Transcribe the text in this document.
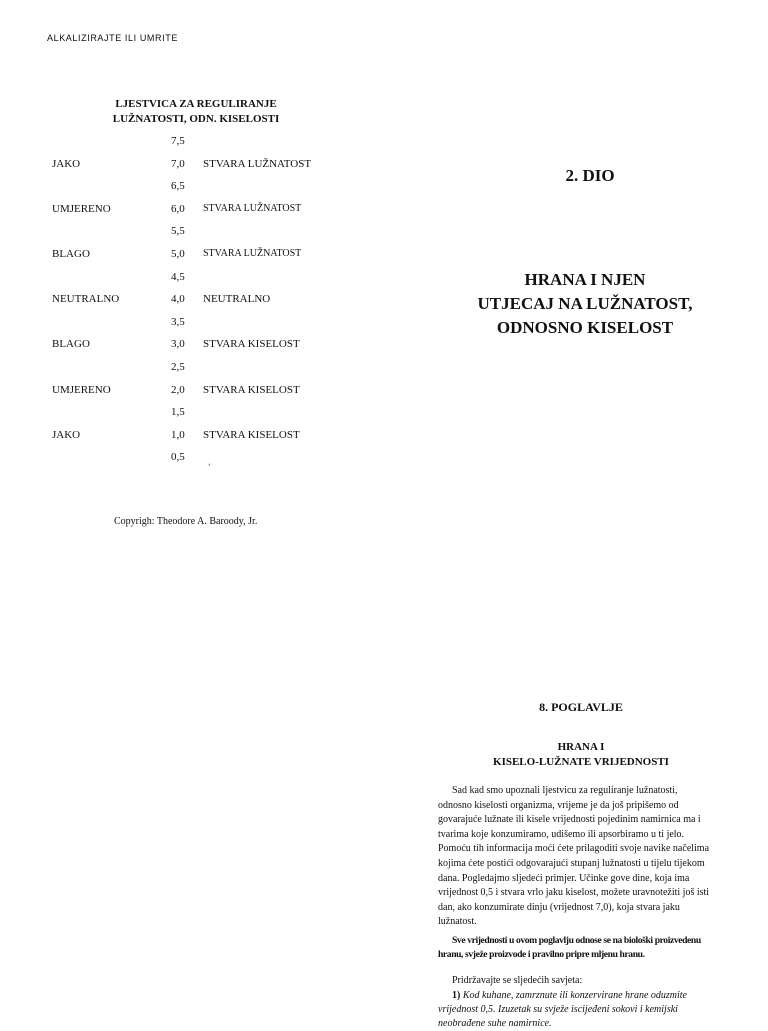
ALKALIZIRAJTE ILI UMRITE
LJESTVICA ZA REGULIRANJE
LUŽNATOSTI, ODN. KISELOSTI
7,5
JAKO	7,0 STVARA LUŽNATOST
6,5
UMJERENO	6,0 STVARA LUŽNATOST
5,5
BLAGO	5,0 STVARA LUŽNATOST
4,5
NEUTRALNO	4,0 NEUTRALNO
3,5
BLAGO	3,0 STVARA KISELOST
2,5
UMJERENO	2,0 STVARA KISELOST
1,5
JAKO	1,0 STVARA KISELOST
0,5
‘
Copyrigh: Theodore A. Baroody, Jr.
2. DIO
HRANA I NJEN
UTJECAJ NA LUŽNATOST,
ODNOSNO KISELOST
8. POGLAVLJE
HRANA I
KISELO-LUŽNATE VRIJEDNOSTI

Sad kad smo upoznali ljestvicu za reguliranje lužnatosti, odnosno kiselosti organizma, vrijeme je da još pripišemo od govarajuće lužnate ili kisele vrijednosti pojedinim namirnica ma i tvarima koje konzumiramo, udišemo ili apsorbiramo u ti jelo. Pomoću tih informacija moći ćete prilagoditi svoje navike načelima kojima ćete postići odgovarajući stupanj lužnatosti u tijelu tijekom dana. Pogledajmo sljedeći primjer. Učinke gove dine, koja ima vrijednost 0,5 i stvara vrlo jaku kiselost, možete uravnotežiti još isti dan, ako konzumirate dinju (vrijednost 7,0), koja stvara jaku lužnatost.

Sve vrijednosti u ovom poglavlju odnose se na biološki proizvedenu hranu, svježe proizvode i pravilno pripre mljenu hranu.

Pridržavajte se sljedećih savjeta:

1) Kod kuhane, zamrznute ili konzervirane hrane oduzmite vrijednost 0,5. Izuzetak su svježe iscijeđeni sokovi i kemijski neobrađene suhe namirnice.
